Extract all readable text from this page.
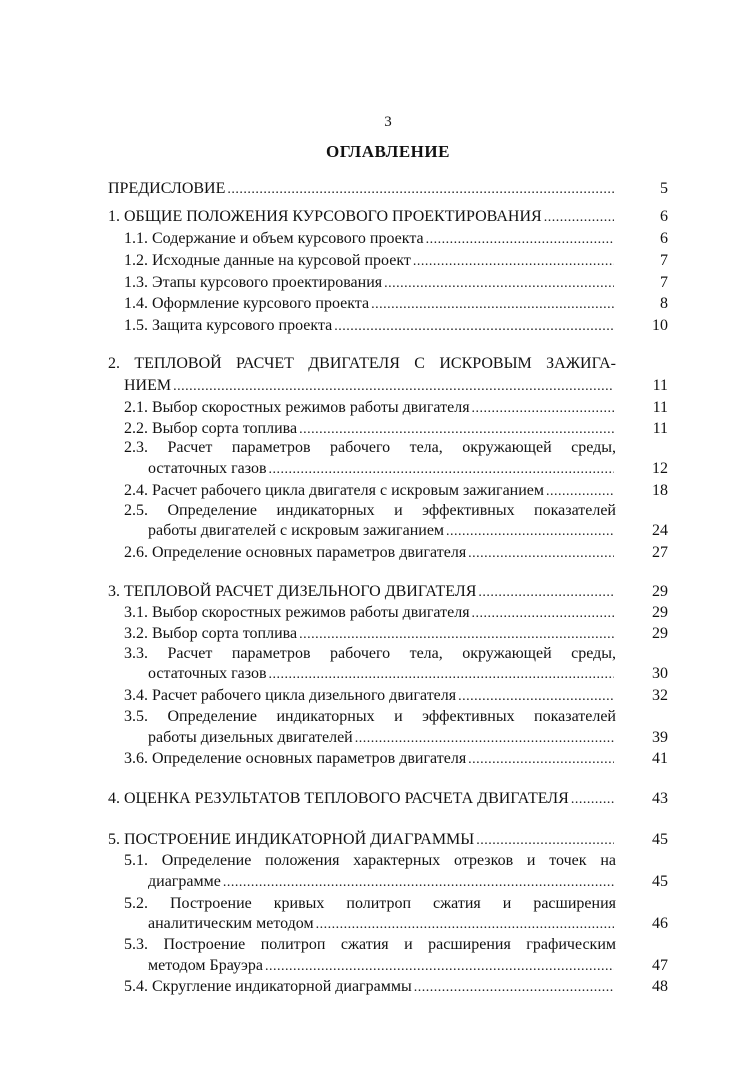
3
ОГЛАВЛЕНИЕ
ПРЕДИСЛОВИЕ .....	5
1. ОБЩИЕ ПОЛОЖЕНИЯ КУРСОВОГО ПРОЕКТИРОВАНИЯ .....	6
1.1. Содержание и объем курсового проекта .....	6
1.2. Исходные данные на курсовой проект .....	7
1.3. Этапы курсового проектирования .....	7
1.4. Оформление курсового проекта .....	8
1.5. Защита курсового проекта .....	10
2. ТЕПЛОВОЙ РАСЧЕТ ДВИГАТЕЛЯ С ИСКРОВЫМ ЗАЖИГА-
НИЕМ .....	11
2.1. Выбор скоростных режимов работы двигателя .....	11
2.2. Выбор сорта топлива .....	11
2.3. Расчет параметров рабочего тела, окружающей среды,
остаточных газов .....	12
2.4. Расчет рабочего цикла двигателя с искровым зажиганием .....	18
2.5. Определение индикаторных и эффективных показателей
работы двигателей с искровым зажиганием .....	24
2.6. Определение основных параметров двигателя .....	27
3. ТЕПЛОВОЙ РАСЧЕТ ДИЗЕЛЬНОГО ДВИГАТЕЛЯ .....	29
3.1. Выбор скоростных режимов работы двигателя .....	29
3.2. Выбор сорта топлива .....	29
3.3. Расчет параметров рабочего тела, окружающей среды,
остаточных газов .....	30
3.4. Расчет рабочего цикла дизельного двигателя .....	32
3.5. Определение индикаторных и эффективных показателей
работы дизельных двигателей .....	39
3.6. Определение основных параметров двигателя .....	41
4. ОЦЕНКА РЕЗУЛЬТАТОВ ТЕПЛОВОГО РАСЧЕТА ДВИГАТЕЛЯ .....	43
5. ПОСТРОЕНИЕ ИНДИКАТОРНОЙ ДИАГРАММЫ .....	45
5.1. Определение положения характерных отрезков и точек на
диаграмме .....	45
5.2. Построение кривых политроп сжатия и расширения
аналитическим методом .....	46
5.3. Построение политроп сжатия и расширения графическим
методом Брауэра .....	47
5.4. Скругление индикаторной диаграммы .....	48
